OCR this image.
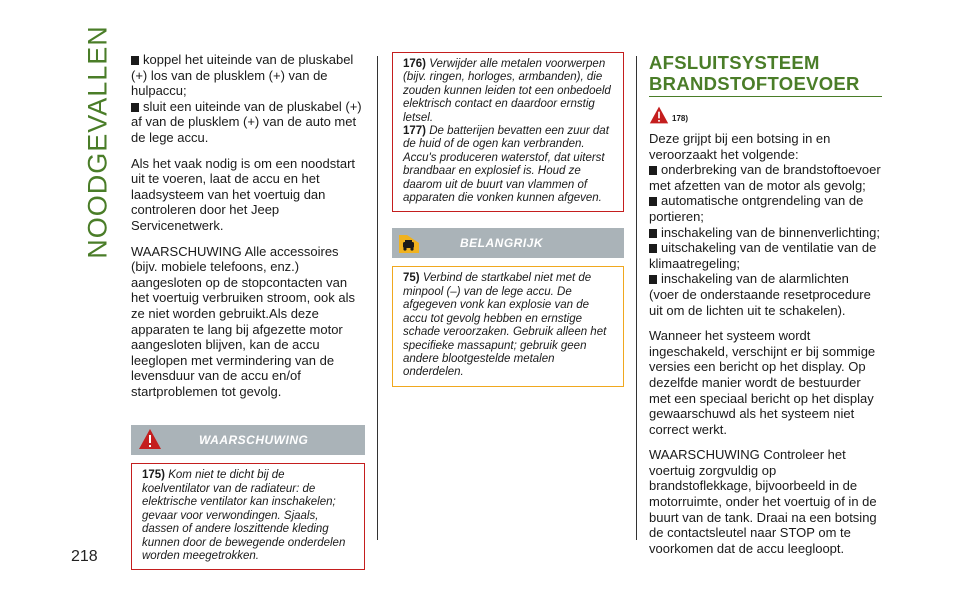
NOODGEVALLEN
218
koppel het uiteinde van de pluskabel (+) los van de plusklem (+) van de hulpaccu;
sluit een uiteinde van de pluskabel (+) af van de plusklem (+) van de auto met de lege accu.

Als het vaak nodig is om een noodstart uit te voeren, laat de accu en het laadsysteem van het voertuig dan controleren door het Jeep Servicenetwerk.

WAARSCHUWING Alle accessoires (bijv. mobiele telefoons, enz.) aangesloten op de stopcontacten van het voertuig verbruiken stroom, ook als ze niet worden gebruikt.Als deze apparaten te lang bij afgezette motor aangesloten blijven, kan de accu leeglopen met vermindering van de levensduur van de accu en/of startproblemen tot gevolg.

WAARSCHUWING
175) Kom niet te dicht bij de koelventilator van de radiateur: de elektrische ventilator kan inschakelen; gevaar voor verwondingen. Sjaals, dassen of andere loszittende kleding kunnen door de bewegende onderdelen worden meegetrokken.
176) Verwijder alle metalen voorwerpen (bijv. ringen, horloges, armbanden), die zouden kunnen leiden tot een onbedoeld elektrisch contact en daardoor ernstig letsel.
177) De batterijen bevatten een zuur dat de huid of de ogen kan verbranden. Accu's produceren waterstof, dat uiterst brandbaar en explosief is. Houd ze daarom uit de buurt van vlammen of apparaten die vonken kunnen afgeven.
BELANGRIJK
75) Verbind de startkabel niet met de minpool (–) van de lege accu. De afgegeven vonk kan explosie van de accu tot gevolg hebben en ernstige schade veroorzaken. Gebruik alleen het specifieke massapunt; gebruik geen andere blootgestelde metalen onderdelen.
AFSLUITSYSTEEM
BRANDSTOFTOEVOER
178)
Deze grijpt bij een botsing in en veroorzaakt het volgende:
onderbreking van de brandstoftoevoer met afzetten van de motor als gevolg;
automatische ontgrendeling van de portieren;
inschakeling van de binnenverlichting;
uitschakeling van de ventilatie van de klimaatregeling;
inschakeling van de alarmlichten (voer de onderstaande resetprocedure uit om de lichten uit te schakelen).

Wanneer het systeem wordt ingeschakeld, verschijnt er bij sommige versies een bericht op het display. Op dezelfde manier wordt de bestuurder met een speciaal bericht op het display gewaarschuwd als het systeem niet correct werkt.

WAARSCHUWING Controleer het voertuig zorgvuldig op brandstoflekkage, bijvoorbeeld in de motorruimte, onder het voertuig of in de buurt van de tank. Draai na een botsing de contactsleutel naar STOP om te voorkomen dat de accu leegloopt.
